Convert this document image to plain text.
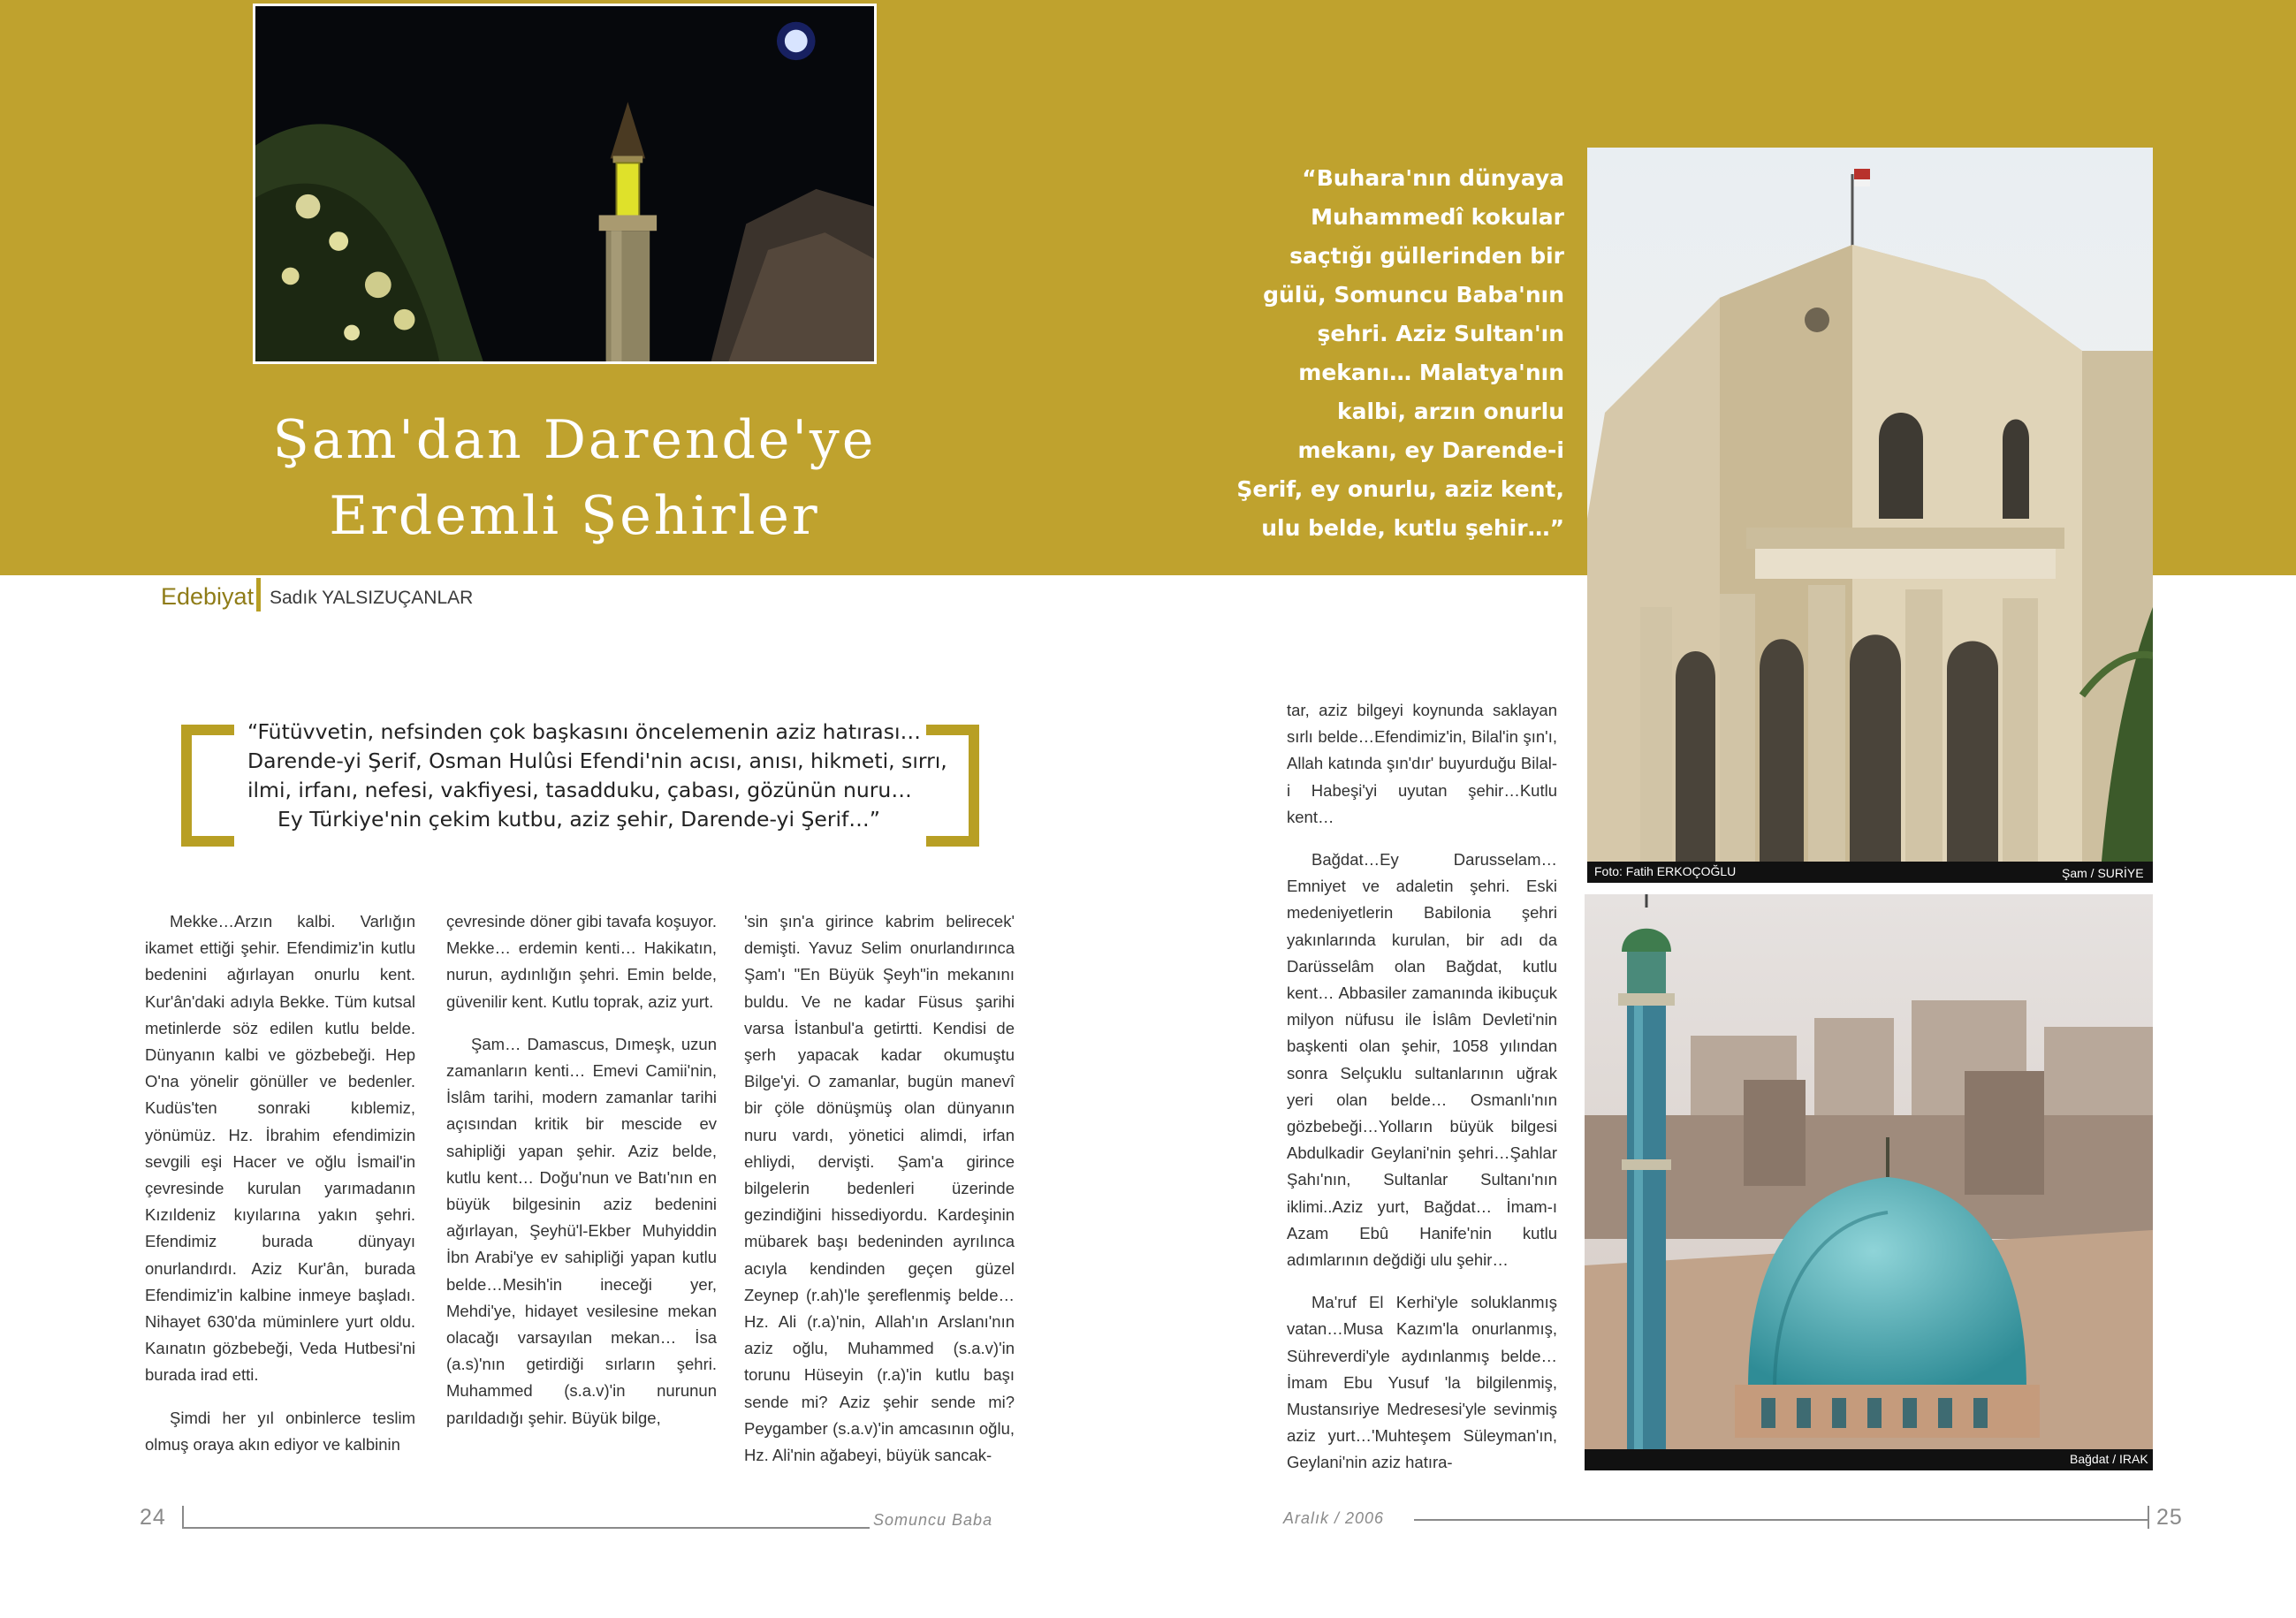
Şam'dan Darende'ye
Erdemli Şehirler
“Buhara'nın dünyaya
Muhammedî kokular
saçtığı güllerinden bir
gülü, Somuncu Baba'nın
şehri. Aziz Sultan'ın
mekanı… Malatya'nın
kalbi, arzın onurlu
mekanı, ey Darende-i
Şerif, ey onurlu, aziz kent,
ulu belde, kutlu şehir…”
Foto: Fatih ERKOÇOĞLU	Şam / SURİYE
Bağdat / IRAK
Edebiyat Sadık YALSIZUÇANLAR
“Fütüvvetin, nefsinden çok başkasını öncelemenin aziz hatırası…
Darende-yi Şerif, Osman Hulûsi Efendi'nin acısı, anısı, hikmeti, sırrı,
ilmi, irfanı, nefesi, vakfiyesi, tasadduku, çabası, gözünün nuru…
Ey Türkiye'nin çekim kutbu, aziz şehir, Darende-yi Şerif…”

Mekke…Arzın kalbi. Varlığın ikamet ettiği şehir. Efendimiz'in kutlu bedenini ağırlayan onurlu kent. Kur'ân'daki adıyla Bekke. Tüm kutsal metinlerde söz edilen kutlu belde. Dünyanın kalbi ve gözbebeği. Hep O'na yönelir gönüller ve bedenler. Kudüs'ten sonraki kıblemiz, yönümüz. Hz. İbrahim efendimizin sevgili eşi Hacer ve oğlu İsmail'in çevresinde kurulan yarımadanın Kızıldeniz kıyılarına yakın şehri. Efendimiz burada dünyayı onurlandırdı. Aziz Kur'ân, burada Efendimiz'in kalbine inmeye başladı. Nihayet 630'da müminlere yurt oldu. Kaınatın gözbebeği, Veda Hutbesi'ni burada irad etti.

Şimdi her yıl onbinlerce teslim olmuş oraya akın ediyor ve kalbinin

çevresinde döner gibi tavafa koşuyor. Mekke… erdemin kenti… Hakikatın, nurun, aydınlığın şehri. Emin belde, güvenilir kent. Kutlu toprak, aziz yurt.

Şam… Damascus, Dımeşk, uzun zamanların kenti… Emevi Camii'nin, İslâm tarihi, modern zamanlar tarihi açısından kritik bir mescide ev sahipliği yapan şehir. Aziz belde, kutlu kent… Doğu'nun ve Batı'nın en büyük bilgesinin aziz bedenini ağırlayan, Şeyhü'l-Ekber Muhyiddin İbn Arabi'ye ev sahipliği yapan kutlu belde…Mesih'in ineceği yer, Mehdi'ye, hidayet vesilesine mekan olacağı varsayılan mekan… İsa (a.s)'nın getirdiği sırların şehri. Muhammed (s.a.v)'in nurunun parıldadığı şehir. Büyük bilge,

'sin şın'a girince kabrim belirecek' demişti. Yavuz Selim onurlandırınca Şam'ı "En Büyük Şeyh"in mekanını buldu. Ve ne kadar Füsus şarihi varsa İstanbul'a getirtti. Kendisi de şerh yapacak kadar okumuştu Bilge'yi. O zamanlar, bugün manevî bir çöle dönüşmüş olan dünyanın nuru vardı, yönetici alimdi, irfan ehliydi, dervişti. Şam'a girince bilgelerin bedenleri üzerinde gezindiğini hissediyordu. Kardeşinin mübarek başı bedeninden ayrılınca acıyla kendinden geçen güzel Zeynep (r.ah)'le şereflenmiş belde… Hz. Ali (r.a)'nin, Allah'ın Arslanı'nın aziz oğlu, Muhammed (s.a.v)'in torunu Hüseyin (r.a)'in kutlu başı sende mi? Aziz şehir sende mi? Peygamber (s.a.v)'in amcasının oğlu, Hz. Ali'nin ağabeyi, büyük sancak-

tar, aziz bilgeyi koynunda saklayan sırlı belde…Efendimiz'in, Bilal'in şın'ı, Allah katında şın'dır' buyurduğu Bilal-i Habeşi'yi uyutan şehir…Kutlu kent…

Bağdat…Ey Darusselam…Emniyet ve adaletin şehri. Eski medeniyetlerin Babilonia şehri yakınlarında kurulan, bir adı da Darüsselâm olan Bağdat, kutlu kent… Abbasiler zamanında ikibuçuk milyon nüfusu ile İslâm Devleti'nin başkenti olan şehir, 1058 yılından sonra Selçuklu sultanlarının uğrak yeri olan belde… Osmanlı'nın gözbebeği…Yolların büyük bilgesi Abdulkadir Geylani'nin şehri…Şahlar Şahı'nın, Sultanlar Sultanı'nın iklimi..Aziz yurt, Bağdat… İmam-ı Azam Ebû Hanife'nin kutlu adımlarının değdiği ulu şehir…

Ma'ruf El Kerhi'yle soluklanmış vatan…Musa Kazım'la onurlanmış, Sühreverdi'yle aydınlanmış belde… İmam Ebu Yusuf 'la bilgilenmiş, Mustansıriye Medresesi'yle sevinmiş aziz yurt…'Muhteşem Süleyman'ın, Geylani'nin aziz hatıra-

24	Somuncu Baba	Aralık / 2006	25
